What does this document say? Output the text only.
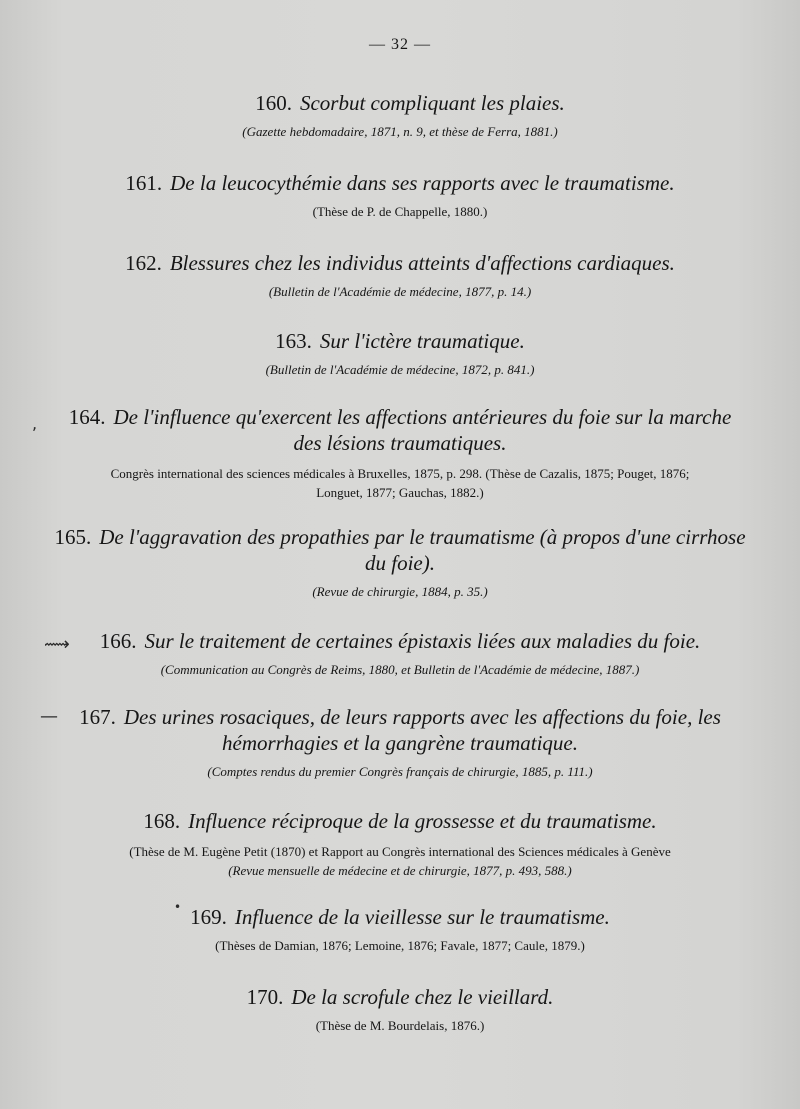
— 32 —
160. Scorbut compliquant les plaies.
(Gazette hebdomadaire, 1871, n. 9, et thèse de Ferra, 1881.)
161. De la leucocythémie dans ses rapports avec le traumatisme.
(Thèse de P. de Chappelle, 1880.)
162. Blessures chez les individus atteints d'affections cardiaques.
(Bulletin de l'Académie de médecine, 1877, p. 14.)
163. Sur l'ictère traumatique.
(Bulletin de l'Académie de médecine, 1872, p. 841.)
,	164. De l'influence qu'exercent les affections antérieures du foie sur la marche
des lésions traumatiques.
Congrès international des sciences médicales à Bruxelles, 1875, p. 298. (Thèse de Cazalis, 1875; Pouget, 1876;
Longuet, 1877; Gauchas, 1882.)
165. De l'aggravation des propathies par le traumatisme (à propos d'une cirrhose
du foie).
(Revue de chirurgie, 1884, p. 35.)
⟿	166. Sur le traitement de certaines épistaxis liées aux maladies du foie.
(Communication au Congrès de Reims, 1880, et Bulletin de l'Académie de médecine, 1887.)
—	167. Des urines rosaciques, de leurs rapports avec les affections du foie, les
hémorrhagies et la gangrène traumatique.
(Comptes rendus du premier Congrès français de chirurgie, 1885, p. 111.)
168. Influence réciproque de la grossesse et du traumatisme.
(Thèse de M. Eugène Petit (1870) et Rapport au Congrès international des Sciences médicales à Genève
(Revue mensuelle de médecine et de chirurgie, 1877, p. 493, 588.)
• 169. Influence de la vieillesse sur le traumatisme.
(Thèses de Damian, 1876; Lemoine, 1876; Favale, 1877; Caule, 1879.)
170. De la scrofule chez le vieillard.
(Thèse de M. Bourdelais, 1876.)
